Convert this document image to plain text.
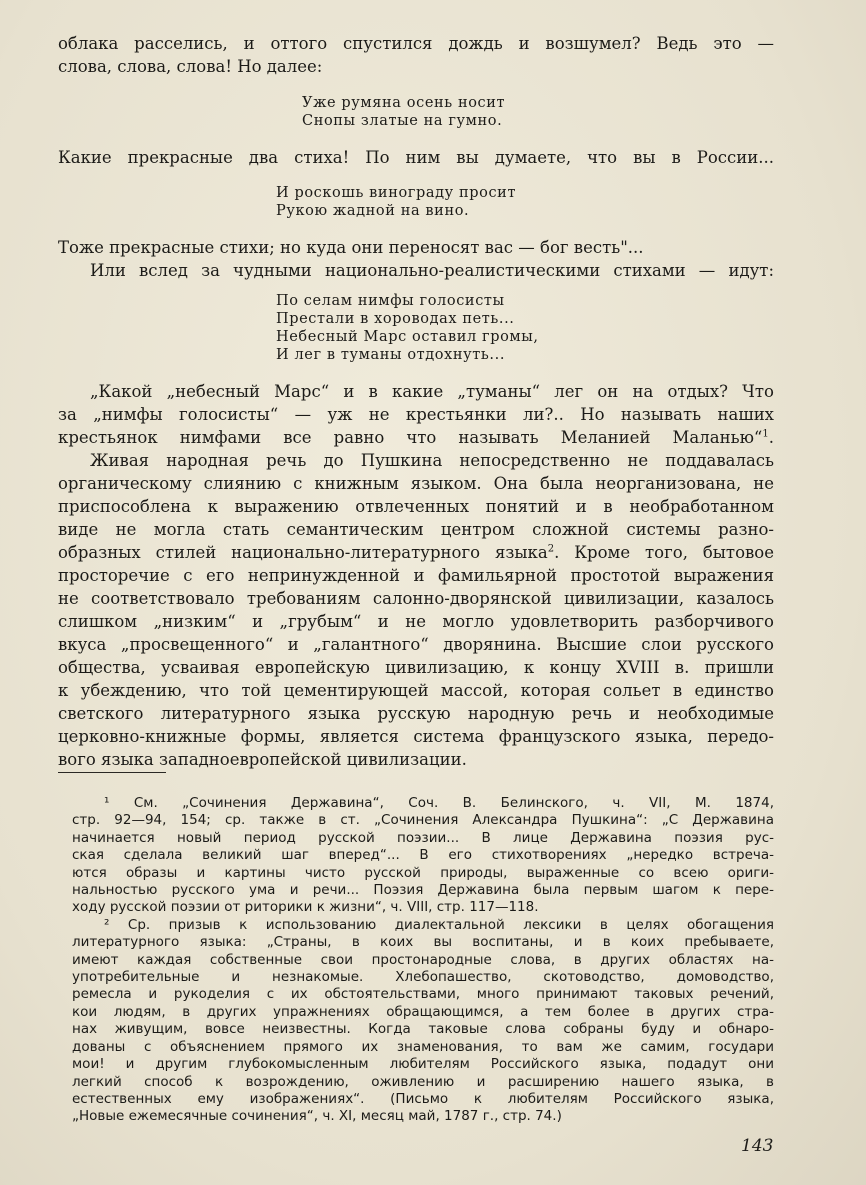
облака расселись, и оттого спустился дождь и возшумел? Ведь это —
слова, слова, слова! Но далее:
Уже румяна осень носит
Снопы златые на гумно.
Какие прекрасные два стиха! По ним вы думаете, что вы в России...
И роскошь винограду просит
Рукою жадной на вино.
Тоже прекрасные стихи; но куда они переносят вас — бог весть"...
Или вслед за чудными национально-реалистическими стихами — идут:
По селам нимфы голосисты
Престали в хороводах петь...
Небесный Марс оставил громы,
И лег в туманы отдохнуть...
„Какой „небесный Марс“ и в какие „туманы“ лег он на отдых? Что
за „нимфы голосисты“ — уж не крестьянки ли?.. Но называть наших
крестьянок нимфами все равно что называть Меланией Маланью“$^1$.
Живая народная речь до Пушкина непосредственно не поддавалась
органическому слиянию с книжным языком. Она была неорганизована, не
приспособлена к выражению отвлеченных понятий и в необработанном
виде не могла стать семантическим центром сложной системы разно-
образных стилей национально-литературного языка$^2$. Кроме того, бытовое
просторечие с его непринужденной и фамильярной простотой выражения
не соответствовало требованиям салонно-дворянской цивилизации, казалось
слишком „низким“ и „грубым“ и не могло удовлетворить разборчивого
вкуса „просвещенного“ и „галантного“ дворянина. Высшие слои русского
общества, усваивая европейскую цивилизацию, к концу XVIII в. пришли
к убеждению, что той цементирующей массой, которая сольет в единство
светского литературного языка русскую народную речь и необходимые
церковно-книжные формы, является система французского языка, передо-
вого языка западноевропейской цивилизации.
¹ См. „Сочинения Державина“, Соч. В. Белинского, ч. VII, М. 1874,
стр. 92—94, 154; ср. также в ст. „Сочинения Александра Пушкина“: „С Державина
начинается новый период русской поэзии... В лице Державина поэзия рус-
ская сделала великий шаг вперед“... В его стихотворениях „нередко встреча-
ются образы и картины чисто русской природы, выраженные со всею ориги-
нальностью русского ума и речи... Поэзия Державина была первым шагом к пере-
ходу русской поэзии от риторики к жизни“, ч. VIII, стр. 117—118.
² Ср. призыв к использованию диалектальной лексики в целях обогащения
литературного языка: „Страны, в коих вы воспитаны, и в коих пребываете,
имеют каждая собственные свои простонародные слова, в других областях на-
употребительные и незнакомые. Хлебопашество, скотоводство, домоводство,
ремесла и рукоделия с их обстоятельствами, много принимают таковых речений,
кои людям, в других упражнениях обращающимся, а тем более в других стра-
нах живущим, вовсе неизвестны. Когда таковые слова собраны буду и обнаро-
дованы с объяснением прямого их знаменования, то вам же самим, государи
мои! и другим глубокомысленным любителям Российского языка, подадут они
легкий способ к возрождению, оживлению и расширению нашего языка, в
естественных ему изображениях“. (Письмо к любителям Российского языка,
„Новые ежемесячные сочинения“, ч. XI, месяц май, 1787 г., стр. 74.)
143
